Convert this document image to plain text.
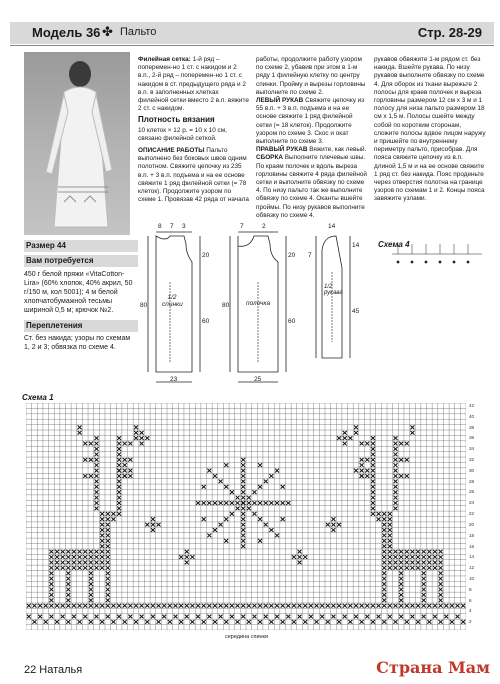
Модель 36 ✤ Пальто	Стр. 28-29
Размер 44
Вам потребуется
450 г белой пряжи «VitaCotton-Lira» (60% хлопок, 40% акрил, 50 г/150 м, кол 5001); 4 м белой хлопчатобумажной тесьмы шириной 0,5 м; крючок №2.
Переплетения
Ст. без накида; узоры по схемам 1, 2 и 3; обвязка по схеме 4.
Филейная сетка: 1-й ряд – поперемен-но 1 ст. с накидом и 2 в.п., 2-й ряд – поперемен-но 1 ст. с накидом в ст. предыдущего ряда и 2 в.п. в заполненных клетках филейной сетки вместо 2 в.п. вяжите 2 ст. с накидом.

Плотность вязания
10 клеток × 12 р. = 10 x 10 см, связано филейной сеткой.
ОПИСАНИЕ РАБОТЫ Пальто выполнено без боковых швов одним полотном. Свяжите цепочку из 235 в.п. + 3 в.п. подъема и на ее основе свяжите 1 ряд филейной сетки (= 78 клеток). Продолжите узором по схеме 1. Провязав 42 ряда от начала
работы, продолжите работу узором по схеме 2, убавив при этом в 1-м ряду 1 филейную клетку по центру спинки. Пройму и вырезы горловины выполните по схеме 2.
ЛЕВЫЙ РУКАВ Свяжите цепочку из 55 в.п. + 3 в.п. подъема и на ее основе свяжите 1 ряд филейной сетки (= 18 клеток). Продолжите узором по схеме 3. Скос и окат выполните по схеме 3.
ПРАВЫЙ РУКАВ Вяжите, как левый.
СБОРКА Выполните плечевые швы. По краям полочек и вдоль выреза горловины свяжите 4 ряда филейной сетки и выполните обвязку по схеме 4. По низу пальто так же выполните обвязку по схеме 4. Оканты вшейте проймы. По низу рукавов выполните обвязку по схеме 4.
рукавов обвяжите 1-м рядом ст. без накида. Вшейте рукава. По низу рукавов выполните обвязку по схеме 4. Для оборок из ткани вырежьте 2 полосы для краев полочек и выреза горловины размером 12 см x 3 м и 1 полосу для низа пальто размером 18 см x 1,5 м. Полосы сшейте между собой по коротким сторонам, сложите полосы вдвое лицом наружу и пришейте по внутреннему периметру пальто, присобрав. Для пояса свяжите цепочку из в.п. длиной 1,5 м и на ее основе свяжите 1 ряд ст. без накида. Пояс проденьте через отверстия полотна на границе узоров по схемам 1 и 2. Концы пояса завяжите узлами.
1/2 спинки	полочка
1/2 рукава
Схема 4
8 7 3
20
80
60
23
7	2
80
25
14
14
60
45
7
20
Схема 1
42
40
38
36
34
32
30
28
26
24
22
20
18
16
14
12
10
8
6
4
2
середина спинки
22 Наталья	Страна Мам
